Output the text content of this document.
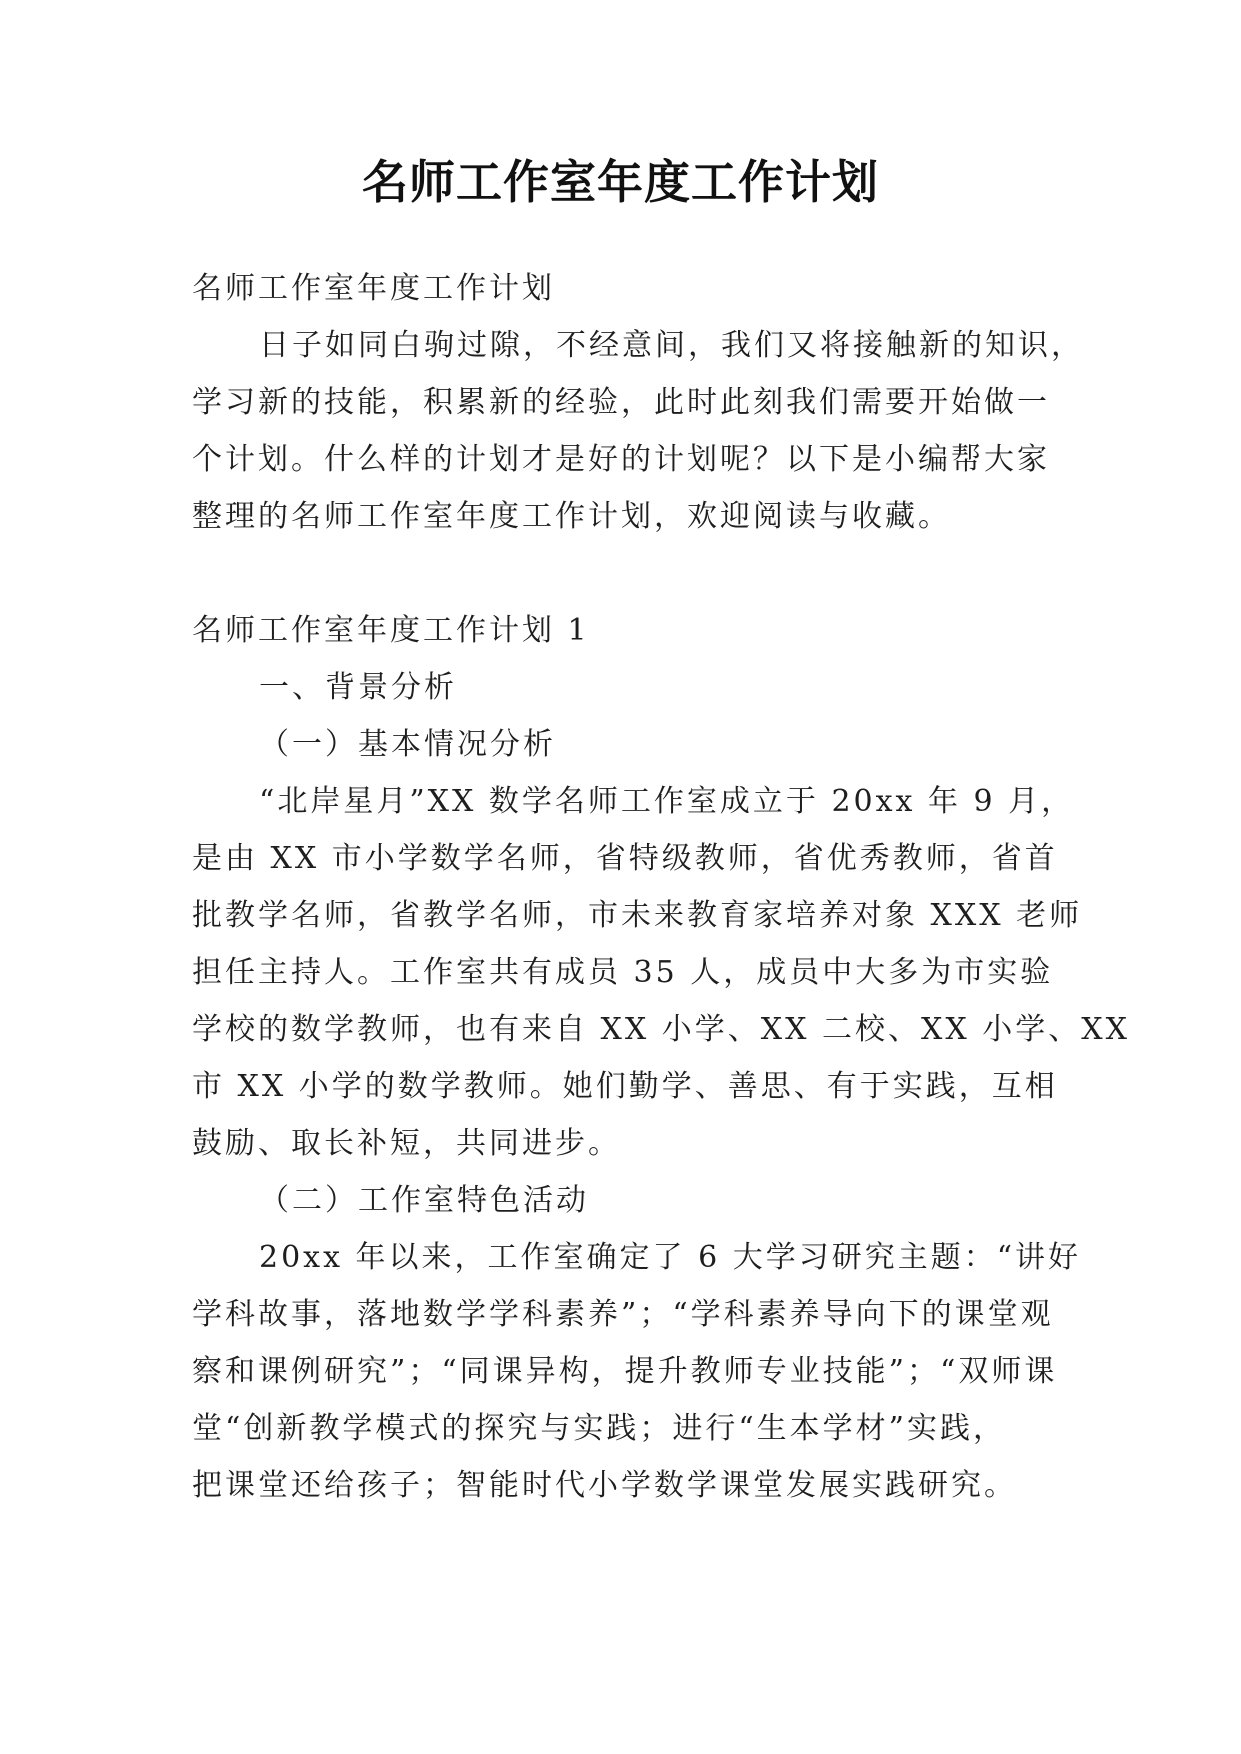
名师工作室年度工作计划
名师工作室年度工作计划
日子如同白驹过隙，不经意间，我们又将接触新的知识，
学习新的技能，积累新的经验，此时此刻我们需要开始做一
个计划。什么样的计划才是好的计划呢？以下是小编帮大家
整理的名师工作室年度工作计划，欢迎阅读与收藏。
名师工作室年度工作计划 1
一、背景分析
（一）基本情况分析
“北岸星月”XX 数学名师工作室成立于 20xx 年 9 月，
是由 XX 市小学数学名师，省特级教师，省优秀教师，省首
批教学名师，省教学名师，市未来教育家培养对象 XXX 老师
担任主持人。工作室共有成员 35 人，成员中大多为市实验
学校的数学教师，也有来自 XX 小学、XX 二校、XX 小学、XX
市 XX 小学的数学教师。她们勤学、善思、有于实践，互相
鼓励、取长补短，共同进步。
（二）工作室特色活动
20xx 年以来，工作室确定了 6 大学习研究主题：“讲好
学科故事，落地数学学科素养”；“学科素养导向下的课堂观
察和课例研究”；“同课异构，提升教师专业技能”；“双师课
堂“创新教学模式的探究与实践；进行“生本学材”实践，
把课堂还给孩子；智能时代小学数学课堂发展实践研究。
